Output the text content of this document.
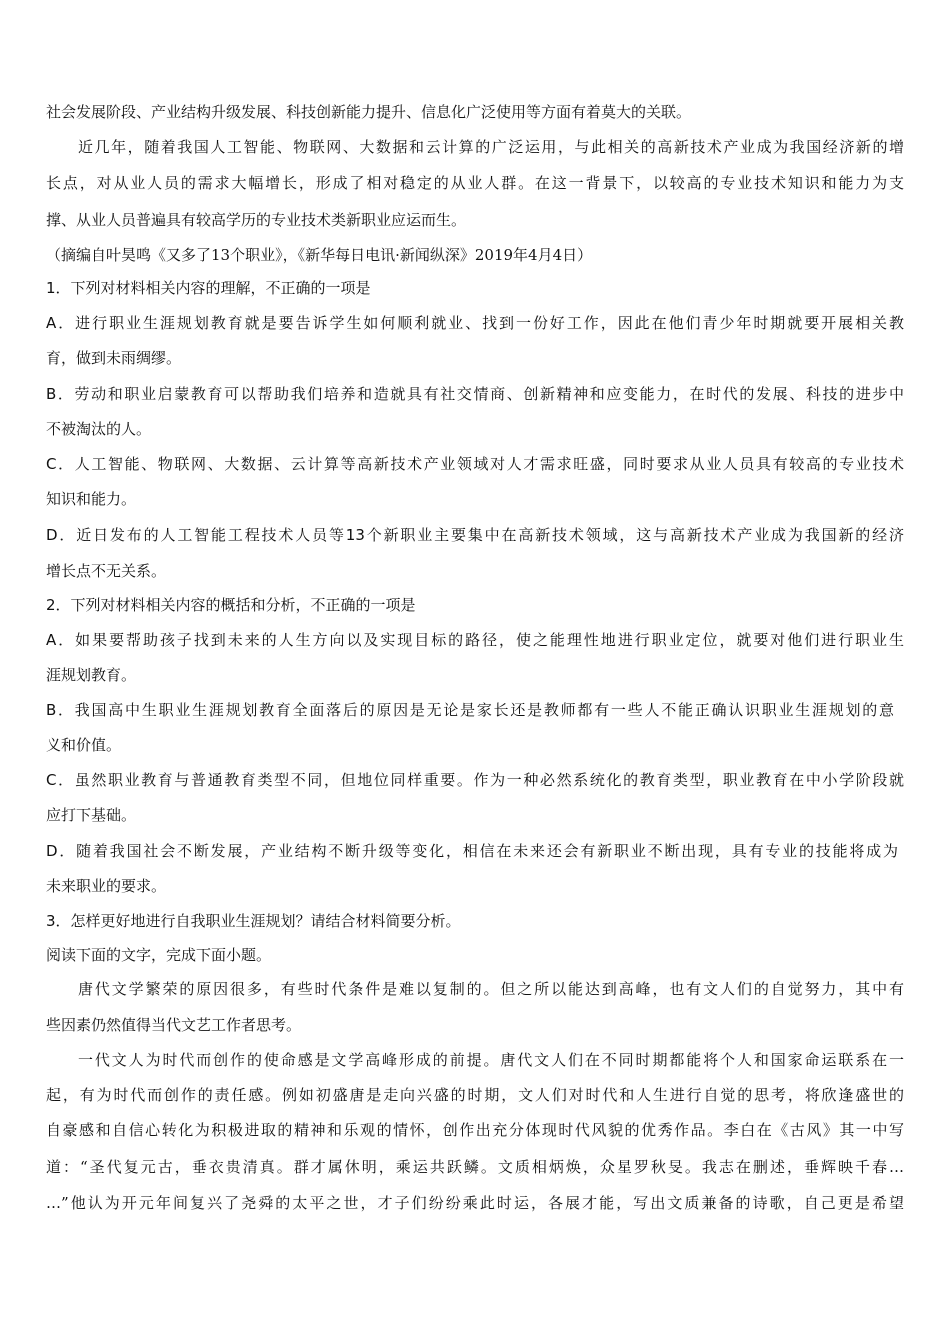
社会发展阶段、产业结构升级发展、科技创新能力提升、信息化广泛使用等方面有着莫大的关联。
近几年，随着我国人工智能、物联网、大数据和云计算的广泛运用，与此相关的高新技术产业成为我国经济新的增
长点，对从业人员的需求大幅增长，形成了相对稳定的从业人群。在这一背景下，以较高的专业技术知识和能力为支
撑、从业人员普遍具有较高学历的专业技术类新职业应运而生。
（摘编自叶昊鸣《又多了13个职业》，《新华每日电讯·新闻纵深》2019年4月4日）
1．下列对材料相关内容的理解，不正确的一项是
A．进行职业生涯规划教育就是要告诉学生如何顺利就业、找到一份好工作，因此在他们青少年时期就要开展相关教
育，做到未雨绸缪。
B．劳动和职业启蒙教育可以帮助我们培养和造就具有社交情商、创新精神和应变能力，在时代的发展、科技的进步中
不被淘汰的人。
C．人工智能、物联网、大数据、云计算等高新技术产业领域对人才需求旺盛，同时要求从业人员具有较高的专业技术
知识和能力。
D．近日发布的人工智能工程技术人员等13个新职业主要集中在高新技术领域，这与高新技术产业成为我国新的经济
增长点不无关系。
2．下列对材料相关内容的概括和分析，不正确的一项是
A．如果要帮助孩子找到未来的人生方向以及实现目标的路径，使之能理性地进行职业定位，就要对他们进行职业生
涯规划教育。
B．我国高中生职业生涯规划教育全面落后的原因是无论是家长还是教师都有一些人不能正确认识职业生涯规划的意
义和价值。
C．虽然职业教育与普通教育类型不同，但地位同样重要。作为一种必然系统化的教育类型，职业教育在中小学阶段就
应打下基础。
D．随着我国社会不断发展，产业结构不断升级等变化，相信在未来还会有新职业不断出现，具有专业的技能将成为
未来职业的要求。
3．怎样更好地进行自我职业生涯规划？请结合材料简要分析。
阅读下面的文字，完成下面小题。
唐代文学繁荣的原因很多，有些时代条件是难以复制的。但之所以能达到高峰，也有文人们的自觉努力，其中有
些因素仍然值得当代文艺工作者思考。
一代文人为时代而创作的使命感是文学高峰形成的前提。唐代文人们在不同时期都能将个人和国家命运联系在一
起，有为时代而创作的责任感。例如初盛唐是走向兴盛的时期，文人们对时代和人生进行自觉的思考，将欣逢盛世的
自豪感和自信心转化为积极进取的精神和乐观的情怀，创作出充分体现时代风貌的优秀作品。李白在《古风》其一中写
道：“圣代复元古，垂衣贵清真。群才属休明，乘运共跃鳞。文质相炳焕，众星罗秋旻。我志在删述，垂辉映千春…
…”他认为开元年间复兴了尧舜的太平之世，才子们纷纷乘此时运，各展才能，写出文质兼备的诗歌，自己更是希望
